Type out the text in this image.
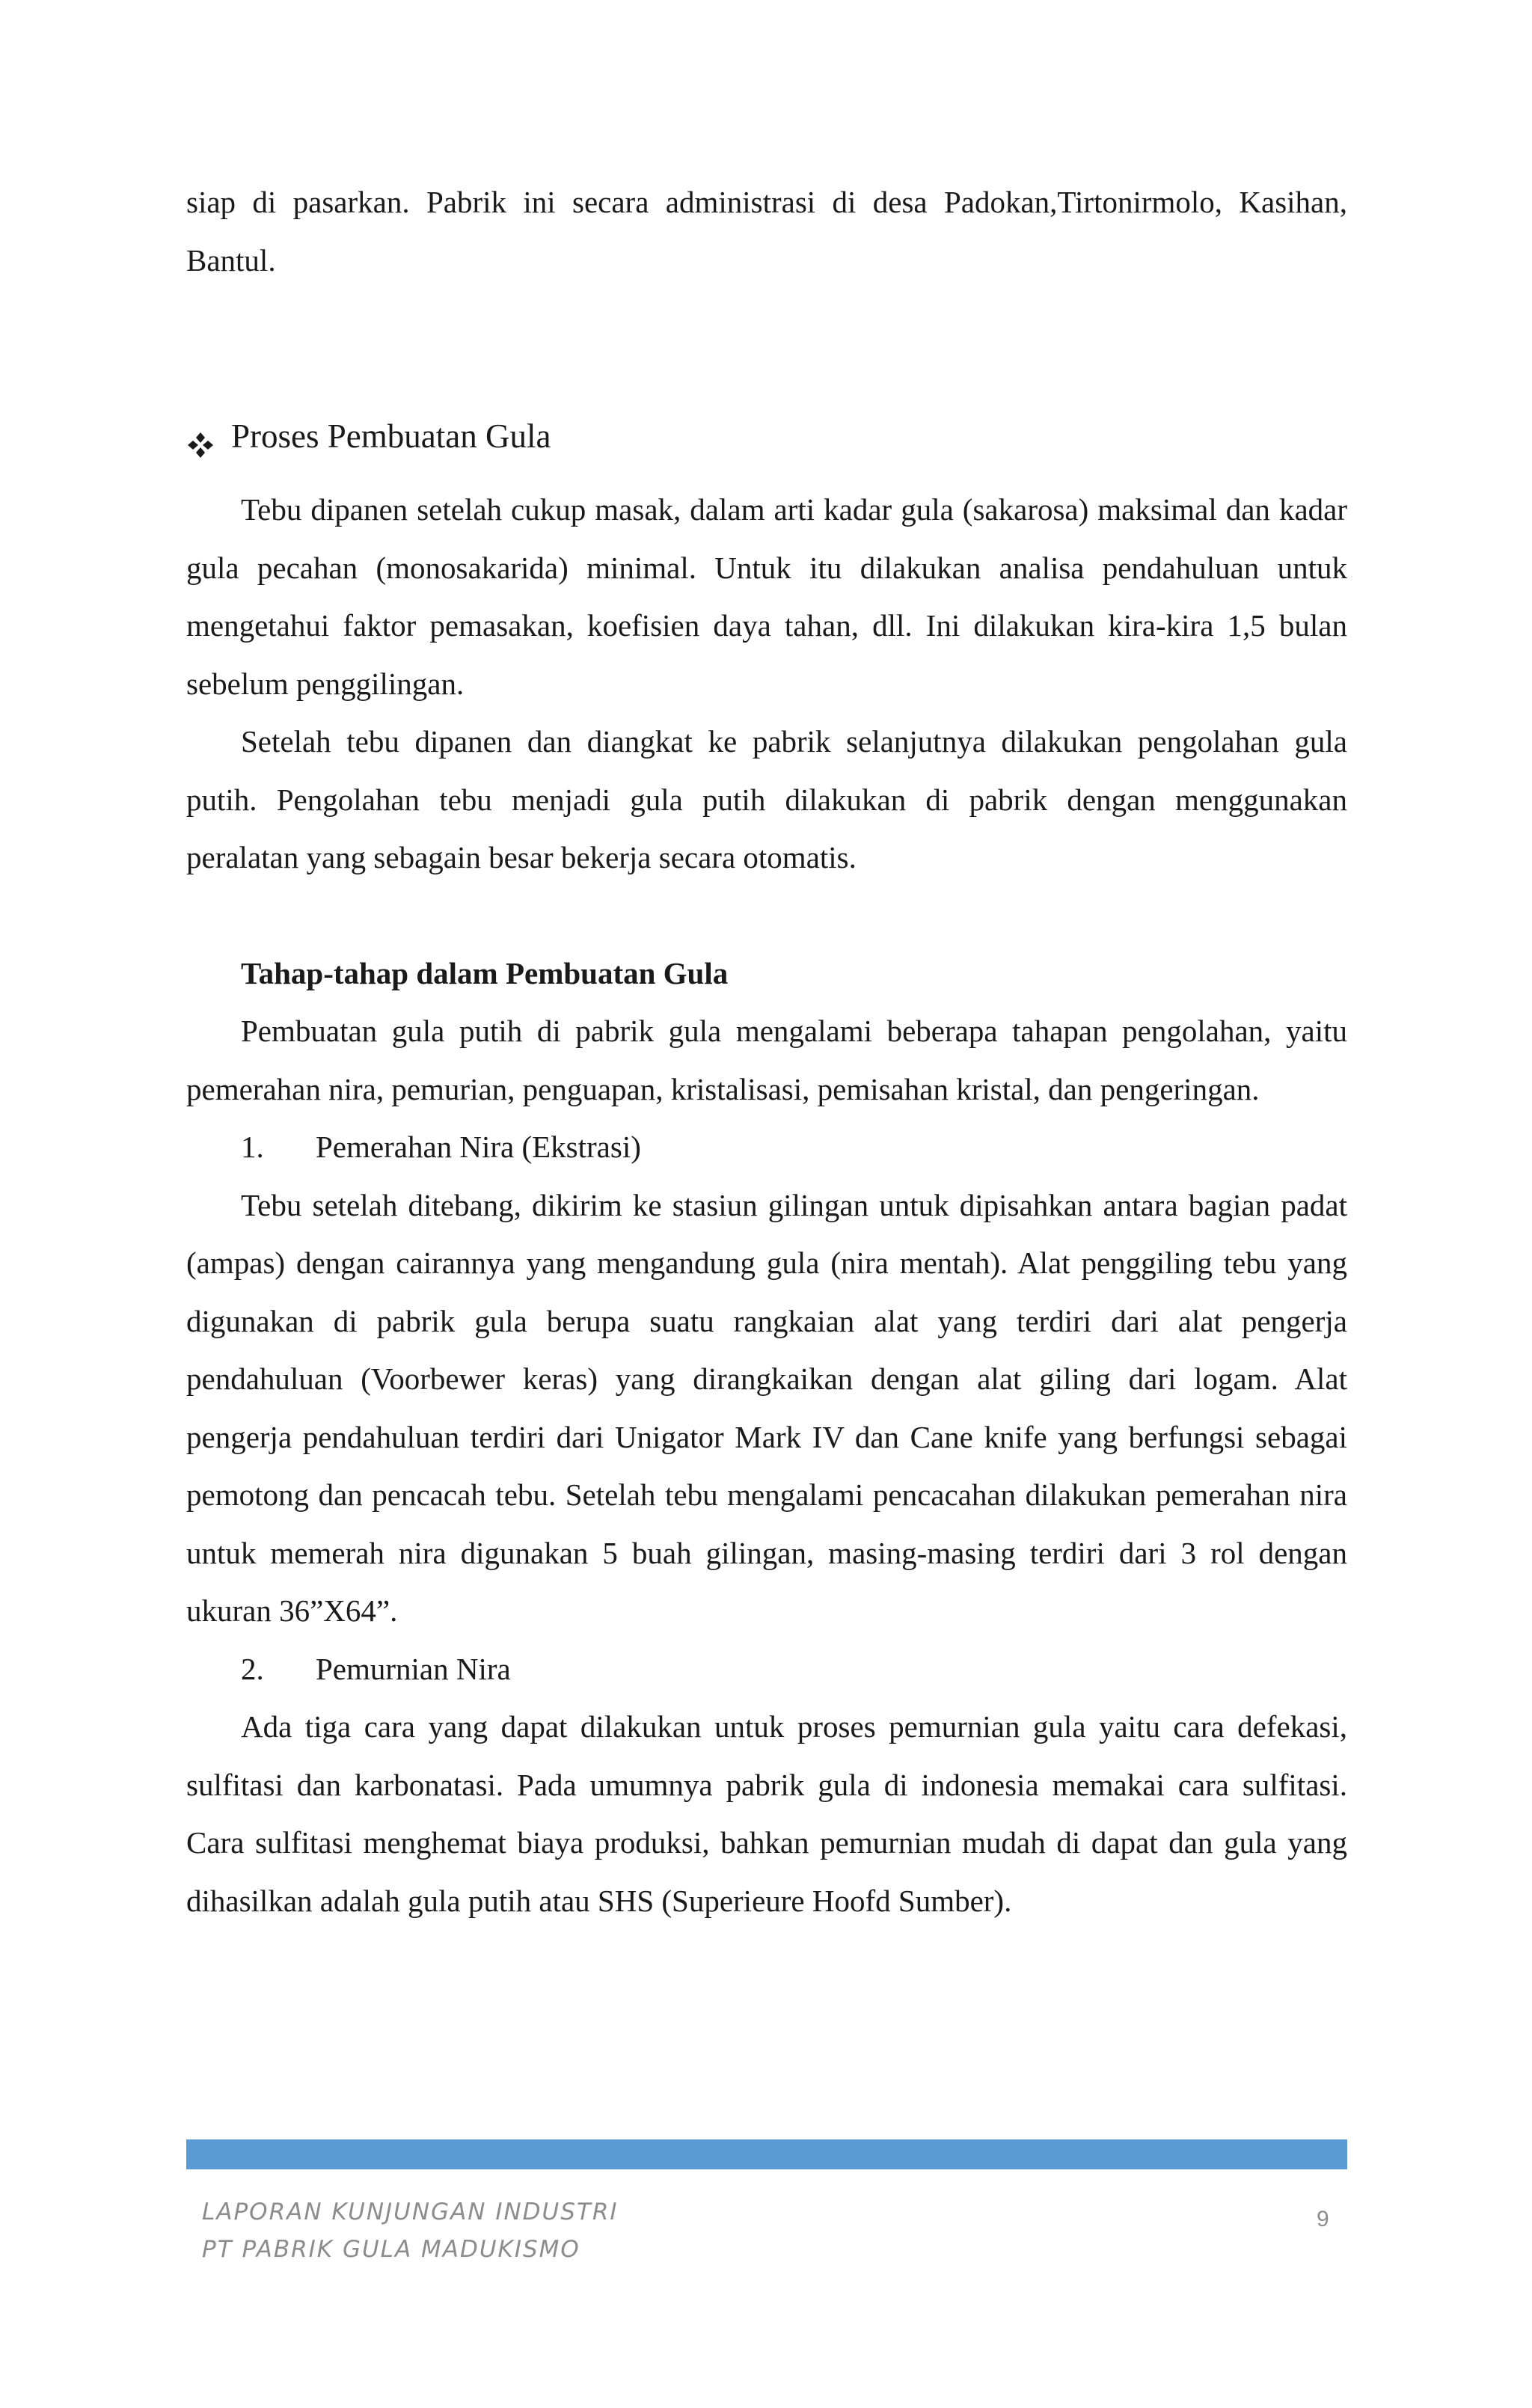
siap di pasarkan. Pabrik ini secara administrasi di desa Padokan,Tirtonirmolo, Kasihan, Bantul.

Proses Pembuatan Gula

Tebu dipanen setelah cukup masak, dalam arti kadar gula (sakarosa) maksimal dan kadar gula pecahan (monosakarida) minimal. Untuk itu dilakukan analisa pendahuluan untuk mengetahui faktor pemasakan, koefisien daya tahan, dll. Ini dilakukan kira-kira 1,5 bulan sebelum penggilingan.

Setelah tebu dipanen dan diangkat ke pabrik selanjutnya dilakukan pengolahan gula putih. Pengolahan tebu menjadi gula putih dilakukan di pabrik dengan menggunakan peralatan yang sebagain besar bekerja secara otomatis.

Tahap-tahap dalam Pembuatan Gula

Pembuatan gula putih di pabrik gula mengalami beberapa tahapan pengolahan, yaitu pemerahan nira, pemurian, penguapan, kristalisasi, pemisahan kristal, dan pengeringan.

1. Pemerahan Nira (Ekstrasi)

Tebu setelah ditebang, dikirim ke stasiun gilingan untuk dipisahkan antara bagian padat (ampas) dengan cairannya yang mengandung gula (nira mentah). Alat penggiling tebu yang digunakan di pabrik gula berupa suatu rangkaian alat yang terdiri dari alat pengerja pendahuluan (Voorbewer keras) yang dirangkaikan dengan alat giling dari logam. Alat pengerja pendahuluan terdiri dari Unigator Mark IV dan Cane knife yang berfungsi sebagai pemotong dan pencacah tebu. Setelah tebu mengalami pencacahan dilakukan pemerahan nira untuk memerah nira digunakan 5 buah gilingan, masing-masing terdiri dari 3 rol dengan ukuran 36”X64”.

2. Pemurnian Nira

Ada tiga cara yang dapat dilakukan untuk proses pemurnian gula yaitu cara defekasi, sulfitasi dan karbonatasi. Pada umumnya pabrik gula di indonesia memakai cara sulfitasi. Cara sulfitasi menghemat biaya produksi, bahkan pemurnian mudah di dapat dan gula yang dihasilkan adalah gula putih atau SHS (Superieure Hoofd Sumber).

LAPORAN KUNJUNGAN INDUSTRI
PT PABRIK GULA MADUKISMO
9
